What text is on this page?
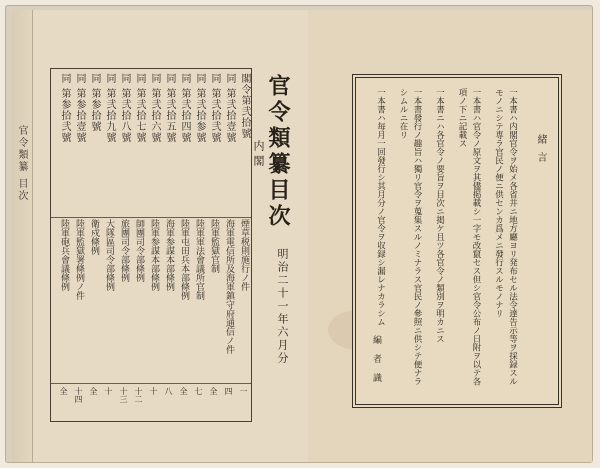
官令類纂 目次
閣令第弐拾號
煙草税則施行ノ件
一
同 第弐拾壹號
海軍電信所及海軍鎮守府通信ノ件
四
同 第弐拾弐號
陸軍監獄官制
全
同 第弐拾参號
陸軍軍法會議所官制
七
同 第弐拾四號
陸軍屯田兵本部條例
全
同 第弐拾五號
海軍参謀本部條例
八
同 第弐拾六號
陸軍参謀本部條例
十
同 第弐拾七號
師團司令部條例
十二
同 第弐拾八號
旅團司令部條例
十三
同 第弐拾九號
大隊區司令部條例
十
同 第参拾號
衛戍條例
全
同 第参拾壹號
陸軍監獄署條例ノ件
十四
同 第参拾弐號
陸軍砲兵會議條例
全
官令類纂目次
内閣
明治二十一年六月分
緒言

一本書ハ内閣官令ヲ始メ各省井ニ地方廳ヨリ発布セル法令達告示等ヲ採録スルモノニシテ専ラ官民ノ便ニ供センカ爲メニ發行スルモノナリ

一本書ハ官令ノ原文ヲ其儘掲載シ一字モ改竄セス但シ官令公布ノ日附ヲ以テ各項ノ下ニ記載ス

一本書ニハ各官令ノ要旨ヲ目次ニ掲ケ且ツ各官令ノ類別ヲ明カニス

一本書發行ノ趣旨ハ獨リ官令ヲ蒐集スルノミナラス官民ノ參照ニ供シテ便ナラシムルニ在リ

一本書ハ毎月一回發行シ其月分ノ官令ヲ収録シ漏レナカラシム

編者識
